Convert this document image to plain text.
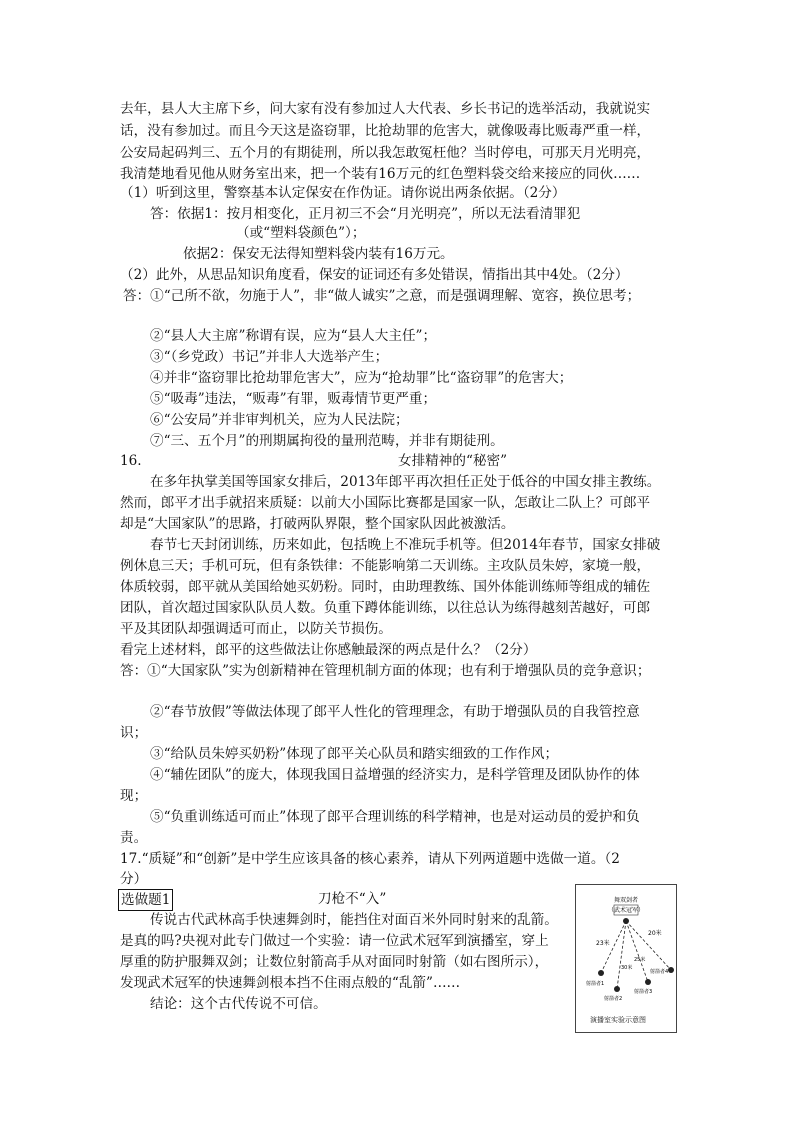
去年，县人大主席下乡，问大家有没有参加过人大代表、乡长书记的选举活动，我就说实
话，没有参加过。而且今天这是盗窃罪，比抢劫罪的危害大，就像吸毒比贩毒严重一样，
公安局起码判三、五个月的有期徒刑，所以我怎敢冤枉他？当时停电，可那天月光明亮，
我清楚地看见他从财务室出来，把一个装有16万元的红色塑料袋交给来接应的同伙……
（1）听到这里，警察基本认定保安在作伪证。请你说出两条依据。（2分）
答：依据1：按月相变化，正月初三不会“月光明亮”，所以无法看清罪犯
（或“塑料袋颜色”）；
依据2：保安无法得知塑料袋内装有16万元。
（2）此外，从思品知识角度看，保安的证词还有多处错误，情指出其中4处。（2分）
答：①“己所不欲，勿施于人”，非“做人诚实”之意，而是强调理解、宽容，换位思考；
②“县人大主席”称谓有误，应为“县人大主任”；
③“（乡党政）书记”并非人大选举产生；
④并非“盗窃罪比抢劫罪危害大”，应为“抢劫罪”比“盗窃罪”的危害大；
⑤“吸毒”违法，“贩毒”有罪，贩毒情节更严重；
⑥“公安局”并非审判机关，应为人民法院；
⑦“三、五个月”的刑期属拘役的量刑范畴，并非有期徒刑。
16.	女排精神的“秘密”
在多年执掌美国等国家女排后，2013年郎平再次担任正处于低谷的中国女排主教练。
然而，郎平才出手就招来质疑：以前大小国际比赛都是国家一队，怎敢让二队上？可郎平
却是“大国家队”的思路，打破两队界限，整个国家队因此被激活。
春节七天封闭训练，历来如此，包括晚上不准玩手机等。但2014年春节，国家女排破
例休息三天；手机可玩，但有条铁律：不能影响第二天训练。主攻队员朱婷，家境一般，
体质较弱，郎平就从美国给她买奶粉。同时，由助理教练、国外体能训练师等组成的辅佐
团队，首次超过国家队队员人数。负重下蹲体能训练，以往总认为练得越刻苦越好，可郎
平及其团队却强调适可而止，以防关节损伤。
看完上述材料，郎平的这些做法让你感触最深的两点是什么？（2分）
答：①“大国家队”实为创新精神在管理机制方面的体现；也有利于增强队员的竞争意识；
②“春节放假”等做法体现了郎平人性化的管理理念，有助于增强队员的自我管控意
识；
③“给队员朱婷买奶粉”体现了郎平关心队员和踏实细致的工作作风；
④“辅佐团队”的庞大，体现我国日益增强的经济实力，是科学管理及团队协作的体
现；
⑤“负重训练适可而止”体现了郎平合理训练的科学精神，也是对运动员的爱护和负
责。
17.“质疑”和“创新”是中学生应该具备的核心素养，请从下列两道题中选做一道。（2
分）
选做题1	刀枪不“入”
传说古代武林高手快速舞剑时，能挡住对面百米外同时射来的乱箭。
是真的吗?央视对此专门做过一个实验：请一位武术冠军到演播室，穿上
厚重的防护服舞双剑；让数位射箭高手从对面同时射箭（如右图所示），
发现武术冠军的快速舞剑根本挡不住雨点般的“乱箭”……
结论：这个古代传说不可信。
舞双剑者
（武术冠军）
23米
20米
30米
25米
射箭者1
射箭者2
射箭者3
射箭者4
演播室实验示意图
